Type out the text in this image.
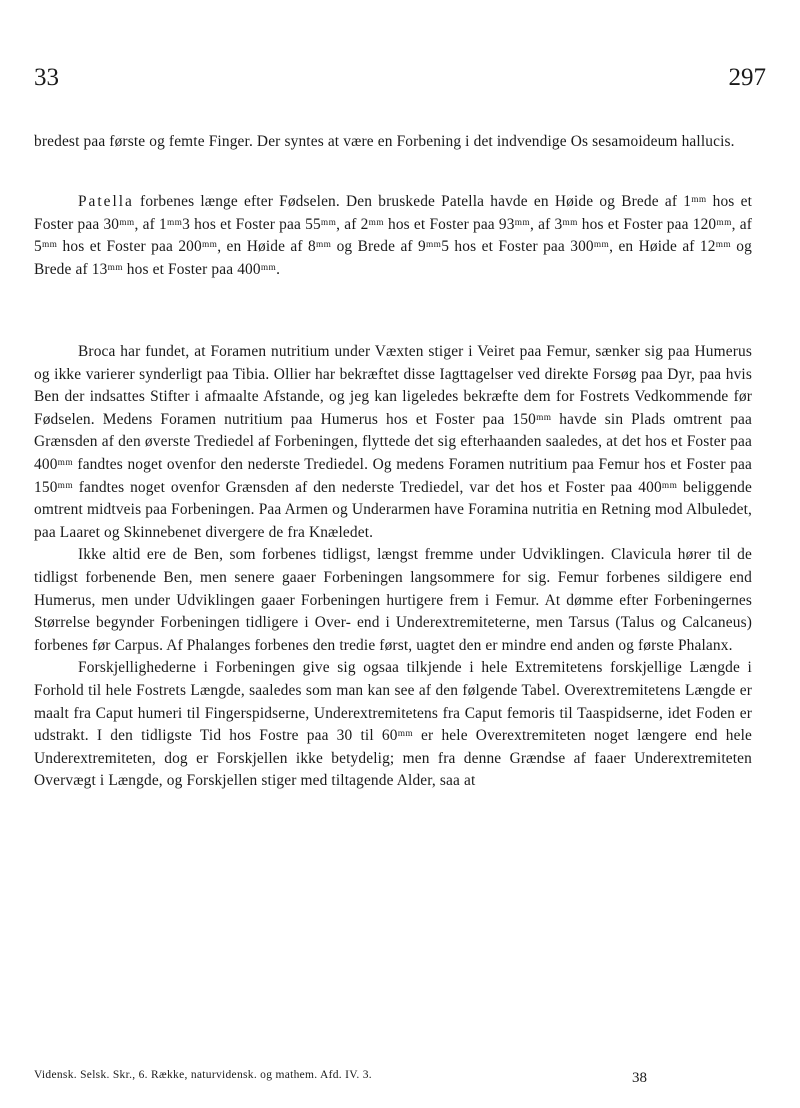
33	297

bredest paa første og femte Finger. Der syntes at være en Forbening i det indvendige Os sesamoideum hallucis.

Patella forbenes længe efter Fødselen. Den bruskede Patella havde en Høide og Brede af 1ᵐᵐ hos et Foster paa 30ᵐᵐ, af 1ᵐᵐ3 hos et Foster paa 55ᵐᵐ, af 2ᵐᵐ hos et Foster paa 93ᵐᵐ, af 3ᵐᵐ hos et Foster paa 120ᵐᵐ, af 5ᵐᵐ hos et Foster paa 200ᵐᵐ, en Høide af 8ᵐᵐ og Brede af 9ᵐᵐ5 hos et Foster paa 300ᵐᵐ, en Høide af 12ᵐᵐ og Brede af 13ᵐᵐ hos et Foster paa 400ᵐᵐ.

Broca har fundet, at Foramen nutritium under Væxten stiger i Veiret paa Femur, sænker sig paa Humerus og ikke varierer synderligt paa Tibia. Ollier har bekræftet disse Iagttagelser ved direkte Forsøg paa Dyr, paa hvis Ben der indsattes Stifter i afmaalte Afstande, og jeg kan ligeledes bekræfte dem for Fostrets Vedkommende før Fødselen. Medens Foramen nutritium paa Humerus hos et Foster paa 150ᵐᵐ havde sin Plads omtrent paa Grænsden af den øverste Trediedel af Forbeningen, flyttede det sig efterhaanden saaledes, at det hos et Foster paa 400ᵐᵐ fandtes noget ovenfor den nederste Trediedel. Og medens Foramen nutritium paa Femur hos et Foster paa 150ᵐᵐ fandtes noget ovenfor Grænsden af den nederste Trediedel, var det hos et Foster paa 400ᵐᵐ beliggende omtrent midtveis paa Forbeningen. Paa Armen og Underarmen have Foramina nutritia en Retning mod Albuledet, paa Laaret og Skinnebenet divergere de fra Knæledet.

Ikke altid ere de Ben, som forbenes tidligst, længst fremme under Udviklingen. Clavicula hører til de tidligst forbenende Ben, men senere gaaer Forbeningen langsommere for sig. Femur forbenes sildigere end Humerus, men under Udviklingen gaaer Forbeningen hurtigere frem i Femur. At dømme efter Forbeningernes Størrelse begynder Forbeningen tidligere i Over- end i Underextremiteterne, men Tarsus (Talus og Calcaneus) forbenes før Carpus. Af Phalanges forbenes den tredie først, uagtet den er mindre end anden og første Phalanx.

Forskjellighederne i Forbeningen give sig ogsaa tilkjende i hele Extremitetens forskjellige Længde i Forhold til hele Fostrets Længde, saaledes som man kan see af den følgende Tabel. Overextremitetens Længde er maalt fra Caput humeri til Fingerspidserne, Underextremitetens fra Caput femoris til Taaspidserne, idet Foden er udstrakt. I den tidligste Tid hos Fostre paa 30 til 60ᵐᵐ er hele Overextremiteten noget længere end hele Underextremiteten, dog er Forskjellen ikke betydelig; men fra denne Grændse af faaer Underextremiteten Overvægt i Længde, og Forskjellen stiger med tiltagende Alder, saa at

Vidensk. Selsk. Skr., 6. Række, naturvidensk. og mathem. Afd. IV. 3.	38
